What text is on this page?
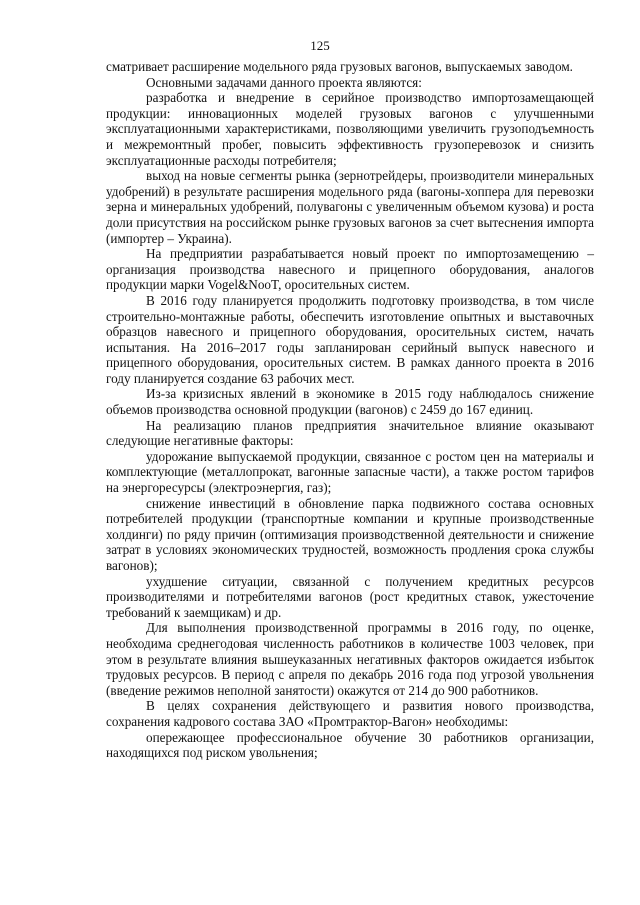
125

сматривает расширение модельного ряда грузовых вагонов, выпускаемых заводом.

Основными задачами данного проекта являются:

разработка и внедрение в серийное производство импортозамещающей продукции: инновационных моделей грузовых вагонов с улучшенными эксплуатационными характеристиками, позволяющими увеличить грузоподъемность и межремонтный пробег, повысить эффективность грузоперевозок и снизить эксплуатационные расходы потребителя;

выход на новые сегменты рынка (зернотрейдеры, производители минеральных удобрений) в результате расширения модельного ряда (вагоны-хоппера для перевозки зерна и минеральных удобрений, полувагоны с увеличенным объемом кузова) и роста доли присутствия на российском рынке грузовых вагонов за счет вытеснения импорта (импортер – Украина).

На предприятии разрабатывается новый проект по импортозамещению – организация производства навесного и прицепного оборудования, аналогов продукции марки Vogel&NooT, оросительных систем.

В 2016 году планируется продолжить подготовку производства, в том числе строительно-монтажные работы, обеспечить изготовление опытных и выставочных образцов навесного и прицепного оборудования, оросительных систем, начать испытания. На 2016–2017 годы запланирован серийный выпуск навесного и прицепного оборудования, оросительных систем. В рамках данного проекта в 2016 году планируется создание 63 рабочих мест.

Из-за кризисных явлений в экономике в 2015 году наблюдалось снижение объемов производства основной продукции (вагонов) с 2459 до 167 единиц.

На реализацию планов предприятия значительное влияние оказывают следующие негативные факторы:

удорожание выпускаемой продукции, связанное с ростом цен на материалы и комплектующие (металлопрокат, вагонные запасные части), а также ростом тарифов на энергоресурсы (электроэнергия, газ);

снижение инвестиций в обновление парка подвижного состава основных потребителей продукции (транспортные компании и крупные производственные холдинги) по ряду причин (оптимизация производственной деятельности и снижение затрат в условиях экономических трудностей, возможность продления срока службы вагонов);

ухудшение ситуации, связанной с получением кредитных ресурсов производителями и потребителями вагонов (рост кредитных ставок, ужесточение требований к заемщикам) и др.

Для выполнения производственной программы в 2016 году, по оценке, необходима среднегодовая численность работников в количестве 1003 человек, при этом в результате влияния вышеуказанных негативных факторов ожидается избыток трудовых ресурсов. В период с апреля по декабрь 2016 года под угрозой увольнения (введение режимов неполной занятости) окажутся от 214 до 900 работников.

В целях сохранения действующего и развития нового производства, сохранения кадрового состава ЗАО «Промтрактор-Вагон» необходимы:

опережающее профессиональное обучение 30 работников организации, находящихся под риском увольнения;
